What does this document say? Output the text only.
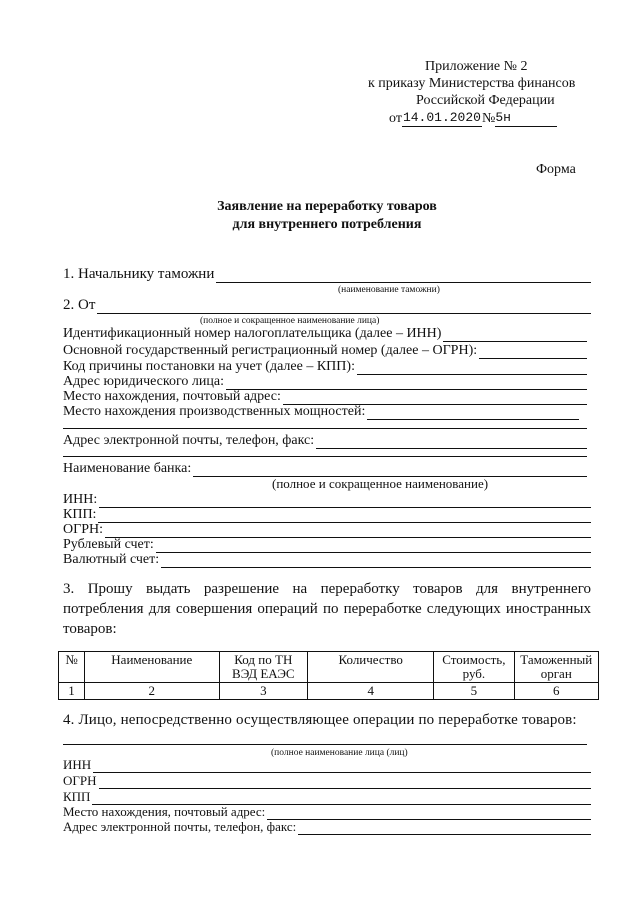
Приложение № 2
к приказу Министерства финансов
Российской Федерации
от 14.01.2020 № 5н
Форма
Заявление на переработку товаров
для внутреннего потребления
1. Начальнику таможни
(наименование таможни)
2. От
(полное и сокращенное наименование лица)
Идентификационный номер налогоплательщика (далее – ИНН)
Основной государственный регистрационный номер (далее – ОГРН):
Код причины постановки на учет (далее – КПП):
Адрес юридического лица:
Место нахождения, почтовый адрес:
Место нахождения производственных мощностей:
Адрес электронной почты, телефон, факс:
Наименование банка:
(полное и сокращенное наименование)
ИНН:
КПП:
ОГРН:
Рублевый счет:
Валютный счет:
3. Прошу выдать разрешение на переработку товаров для внутреннего потребления для совершения операций по переработке следующих иностранных товаров:
№	Наименование	Код по ТН ВЭД ЕАЭС	Количество	Стоимость, руб.	Таможенный орган
1	2	3	4	5	6
4. Лицо, непосредственно осуществляющее операции по переработке товаров:
(полное наименование лица (лиц)
ИНН
ОГРН
КПП
Место нахождения, почтовый адрес:
Адрес электронной почты, телефон, факс:
